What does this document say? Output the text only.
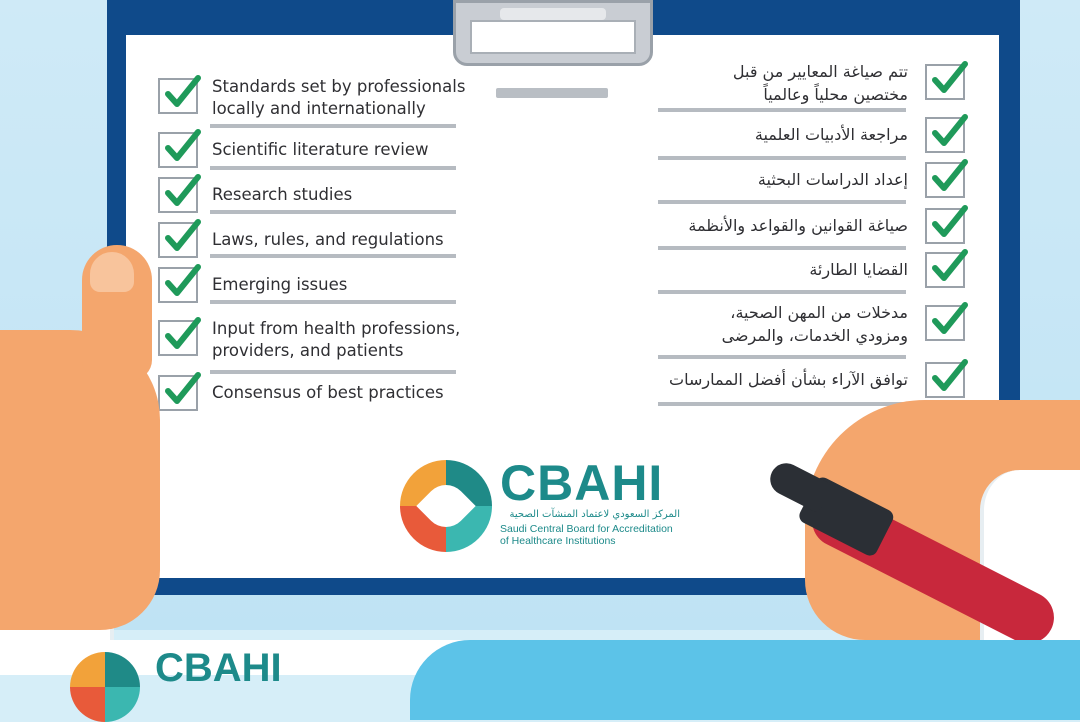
Standards set by professionals
locally and internationally
Scientific literature review
Research studies
Laws, rules, and regulations
Emerging issues
Input from health professions,
providers, and patients
Consensus of best practices
تتم صياغة المعايير من قبل
مختصين محلياً وعالمياً
مراجعة الأدبيات العلمية
إعداد الدراسات البحثية
صياغة القوانين والقواعد والأنظمة
القضايا الطارئة
مدخلات من المهن الصحية،
ومزودي الخدمات، والمرضى
توافق الآراء بشأن أفضل الممارسات
CBAHI
المركز السعودي لاعتماد المنشآت الصحية
Saudi Central Board for Accreditation
of Healthcare Institutions
CBAHI
